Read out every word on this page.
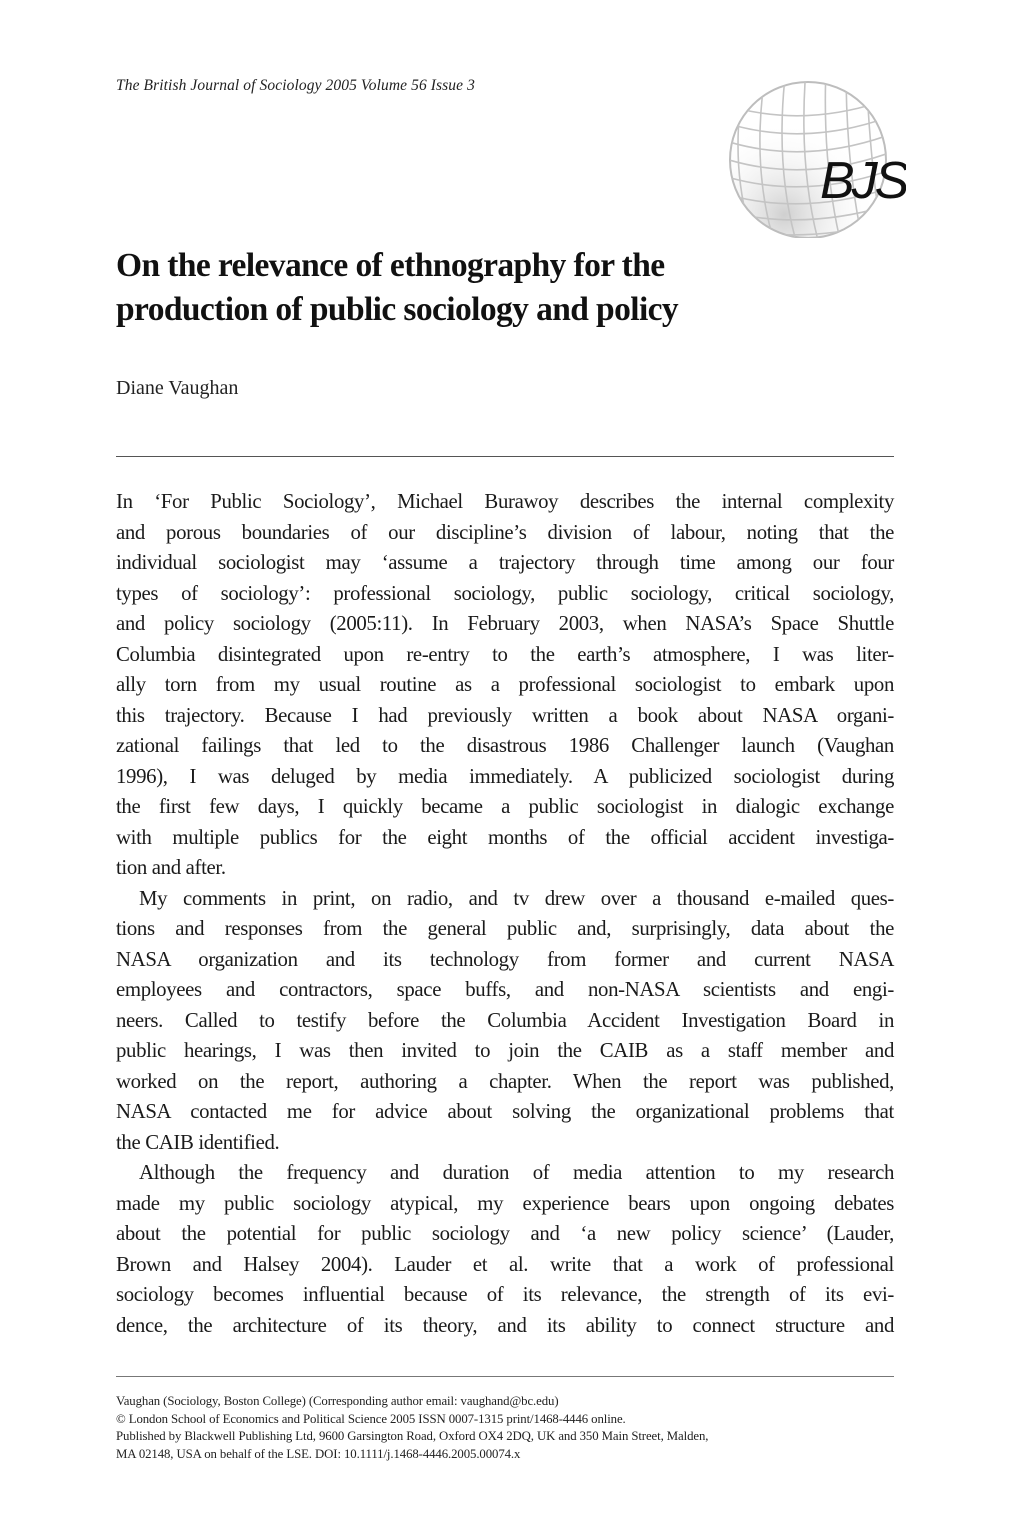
The British Journal of Sociology 2005 Volume 56 Issue 3
BJS
On the relevance of ethnography for the
production of public sociology and policy
Diane Vaughan

In ‘For Public Sociology’, Michael Burawoy describes the internal complexity
and porous boundaries of our discipline’s division of labour, noting that the
individual sociologist may ‘assume a trajectory through time among our four
types of sociology’: professional sociology, public sociology, critical sociology,
and policy sociology (2005:11). In February 2003, when NASA’s Space Shuttle
Columbia disintegrated upon re-entry to the earth’s atmosphere, I was liter-
ally torn from my usual routine as a professional sociologist to embark upon
this trajectory. Because I had previously written a book about NASA organi-
zational failings that led to the disastrous 1986 Challenger launch (Vaughan
1996), I was deluged by media immediately. A publicized sociologist during
the first few days, I quickly became a public sociologist in dialogic exchange
with multiple publics for the eight months of the official accident investiga-
tion and after.

My comments in print, on radio, and tv drew over a thousand e-mailed ques-
tions and responses from the general public and, surprisingly, data about the
NASA organization and its technology from former and current NASA
employees and contractors, space buffs, and non-NASA scientists and engi-
neers. Called to testify before the Columbia Accident Investigation Board in
public hearings, I was then invited to join the CAIB as a staff member and
worked on the report, authoring a chapter. When the report was published,
NASA contacted me for advice about solving the organizational problems that
the CAIB identified.

Although the frequency and duration of media attention to my research
made my public sociology atypical, my experience bears upon ongoing debates
about the potential for public sociology and ‘a new policy science’ (Lauder,
Brown and Halsey 2004). Lauder et al. write that a work of professional
sociology becomes influential because of its relevance, the strength of its evi-
dence, the architecture of its theory, and its ability to connect structure and

Vaughan (Sociology, Boston College) (Corresponding author email: vaughand@bc.edu)
© London School of Economics and Political Science 2005 ISSN 0007-1315 print/1468-4446 online.
Published by Blackwell Publishing Ltd, 9600 Garsington Road, Oxford OX4 2DQ, UK and 350 Main Street, Malden,
MA 02148, USA on behalf of the LSE. DOI: 10.1111/j.1468-4446.2005.00074.x
